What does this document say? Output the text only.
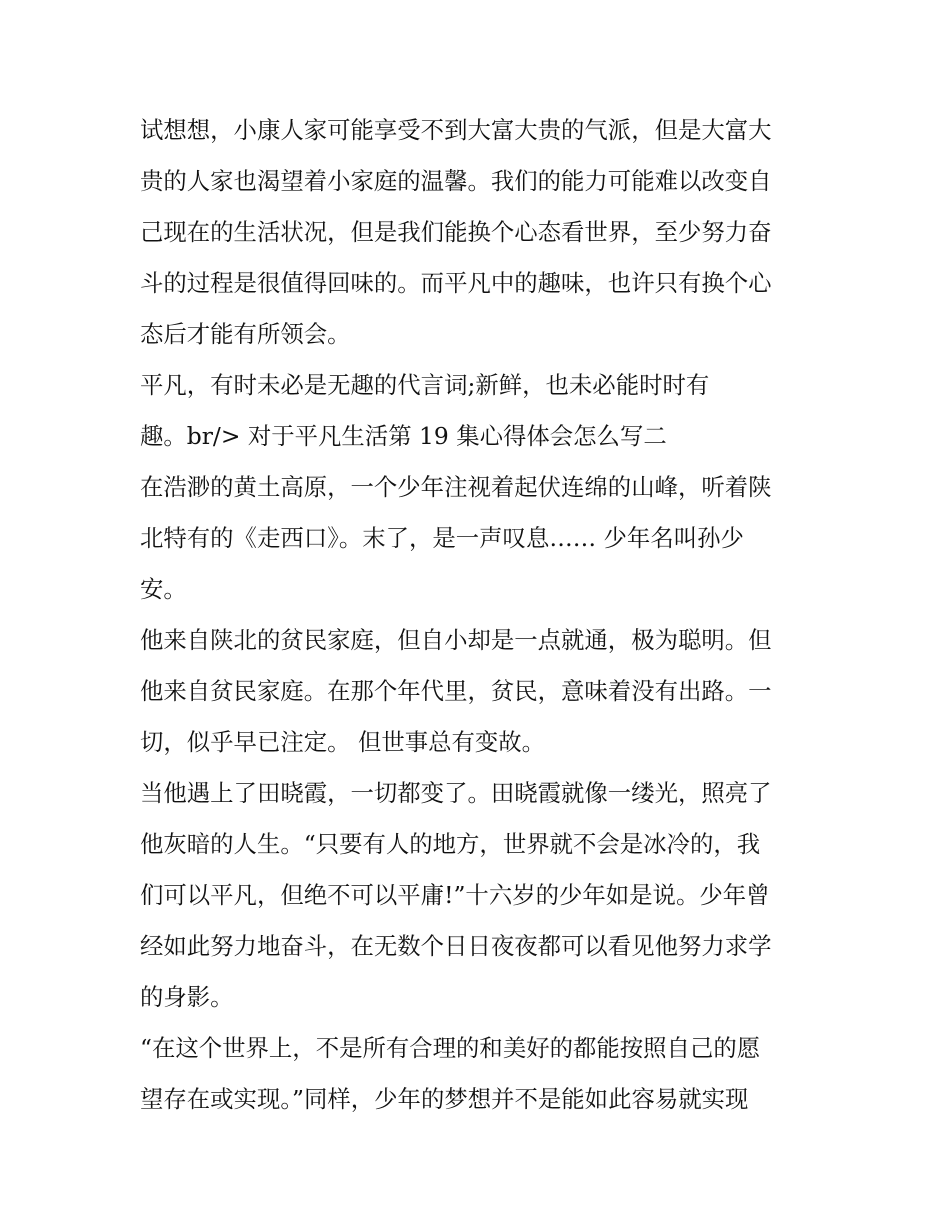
试想想，小康人家可能享受不到大富大贵的气派，但是大富大
贵的人家也渴望着小家庭的温馨。我们的能力可能难以改变自
己现在的生活状况，但是我们能换个心态看世界，至少努力奋
斗的过程是很值得回味的。而平凡中的趣味，也许只有换个心
态后才能有所领会。
平凡，有时未必是无趣的代言词;新鲜，也未必能时时有
趣。br/> 对于平凡生活第 19 集心得体会怎么写二
在浩渺的黄土高原，一个少年注视着起伏连绵的山峰，听着陕
北特有的《走西口》。末了，是一声叹息…… 少年名叫孙少
安。
他来自陕北的贫民家庭，但自小却是一点就通，极为聪明。但
他来自贫民家庭。在那个年代里，贫民，意味着没有出路。一
切，似乎早已注定。 但世事总有变故。
当他遇上了田晓霞，一切都变了。田晓霞就像一缕光，照亮了
他灰暗的人生。“只要有人的地方，世界就不会是冰冷的，我
们可以平凡，但绝不可以平庸!”十六岁的少年如是说。少年曾
经如此努力地奋斗，在无数个日日夜夜都可以看见他努力求学
的身影。
“在这个世界上，不是所有合理的和美好的都能按照自己的愿
望存在或实现。”同样，少年的梦想并不是能如此容易就实现
